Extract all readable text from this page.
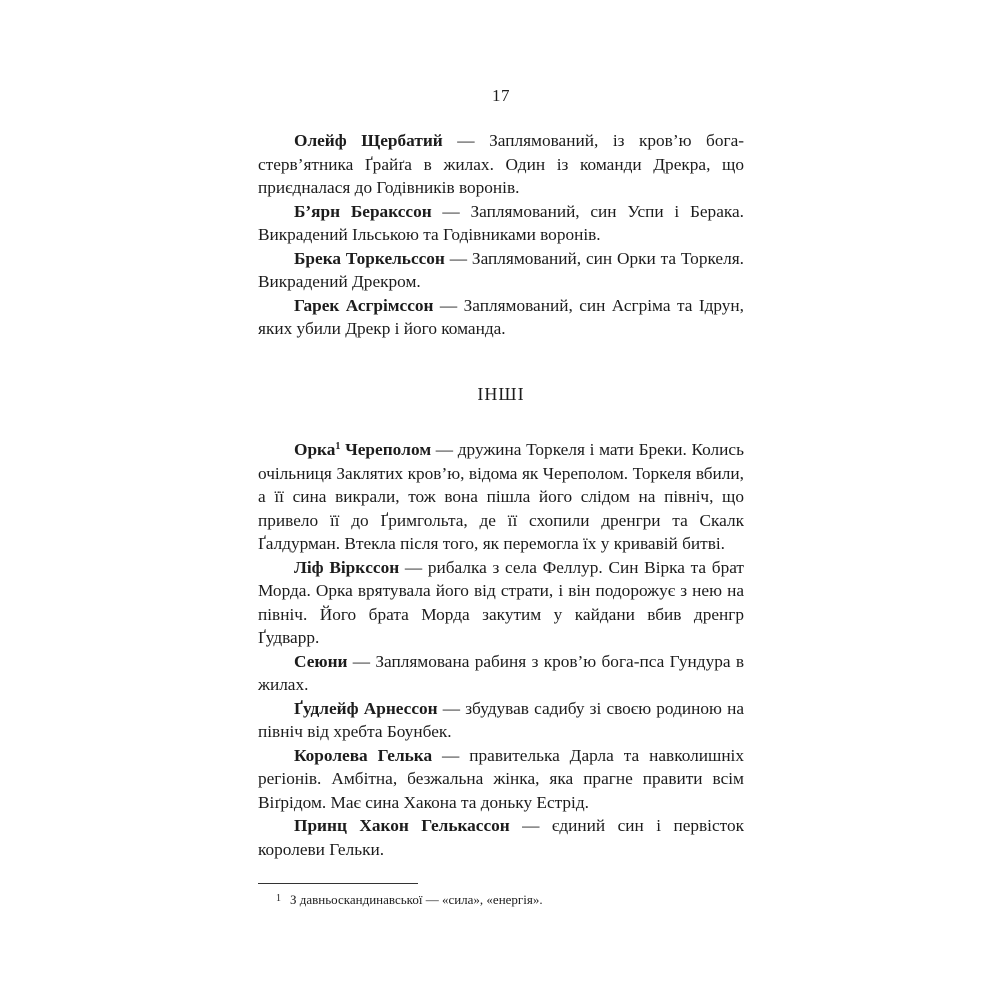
17

Олейф Щербатий — Заплямований, із кров’ю бога-стерв’ятника Ґрайґа в жилах. Один із команди Дрекра, що приєдналася до Годівників воронів.

Б’ярн Бераксcон — Заплямований, син Успи і Беpака. Викрадений Ільською та Годівниками воронів.

Брека Торкельсcон — Заплямований, син Орки та Торкеля. Викрадений Дрекром.

Гарек Асгрімcсон — Заплямований, син Асгріма та Ідрун, яких убили Дрекр і його команда.

ІНШІ

Орка$^1$ Черепoлом — дружина Торкеля і мати Бреки. Колись очільниця Заклятих кров’ю, відома як Черепoлом. Торкеля вбили, а її сина викрали, тож вона пішла його слідом на північ, що привело її до Ґримгольта, де її схопили дренгри та Скалк Ґалдурман. Втекла після того, як перемогла їх у кривавій битві.

Ліф Віркcсон — рибалка з села Феллур. Син Вірка та брат Морда. Орка врятувала його від страти, і він подорожує з нею на північ. Його брата Морда закутим у кайдани вбив дренгр Ґудварр.

Сеюни — Заплямована рабиня з кров’ю бога-пса Гундура в жилах.

Ґудлейф Арнесcон — збудував садибу зі своєю родиною на північ від хребта Боунбек.

Королева Гелька — правителька Дарла та навколишніх регіонів. Амбітна, безжальна жінка, яка прагне правити всім Віґрідом. Має сина Хакона та доньку Естрід.

Принц Хакон Гелькасcон — єдиний син і первісток королеви Гельки.

1 З давньоскандинавської — «сила», «енергія».
